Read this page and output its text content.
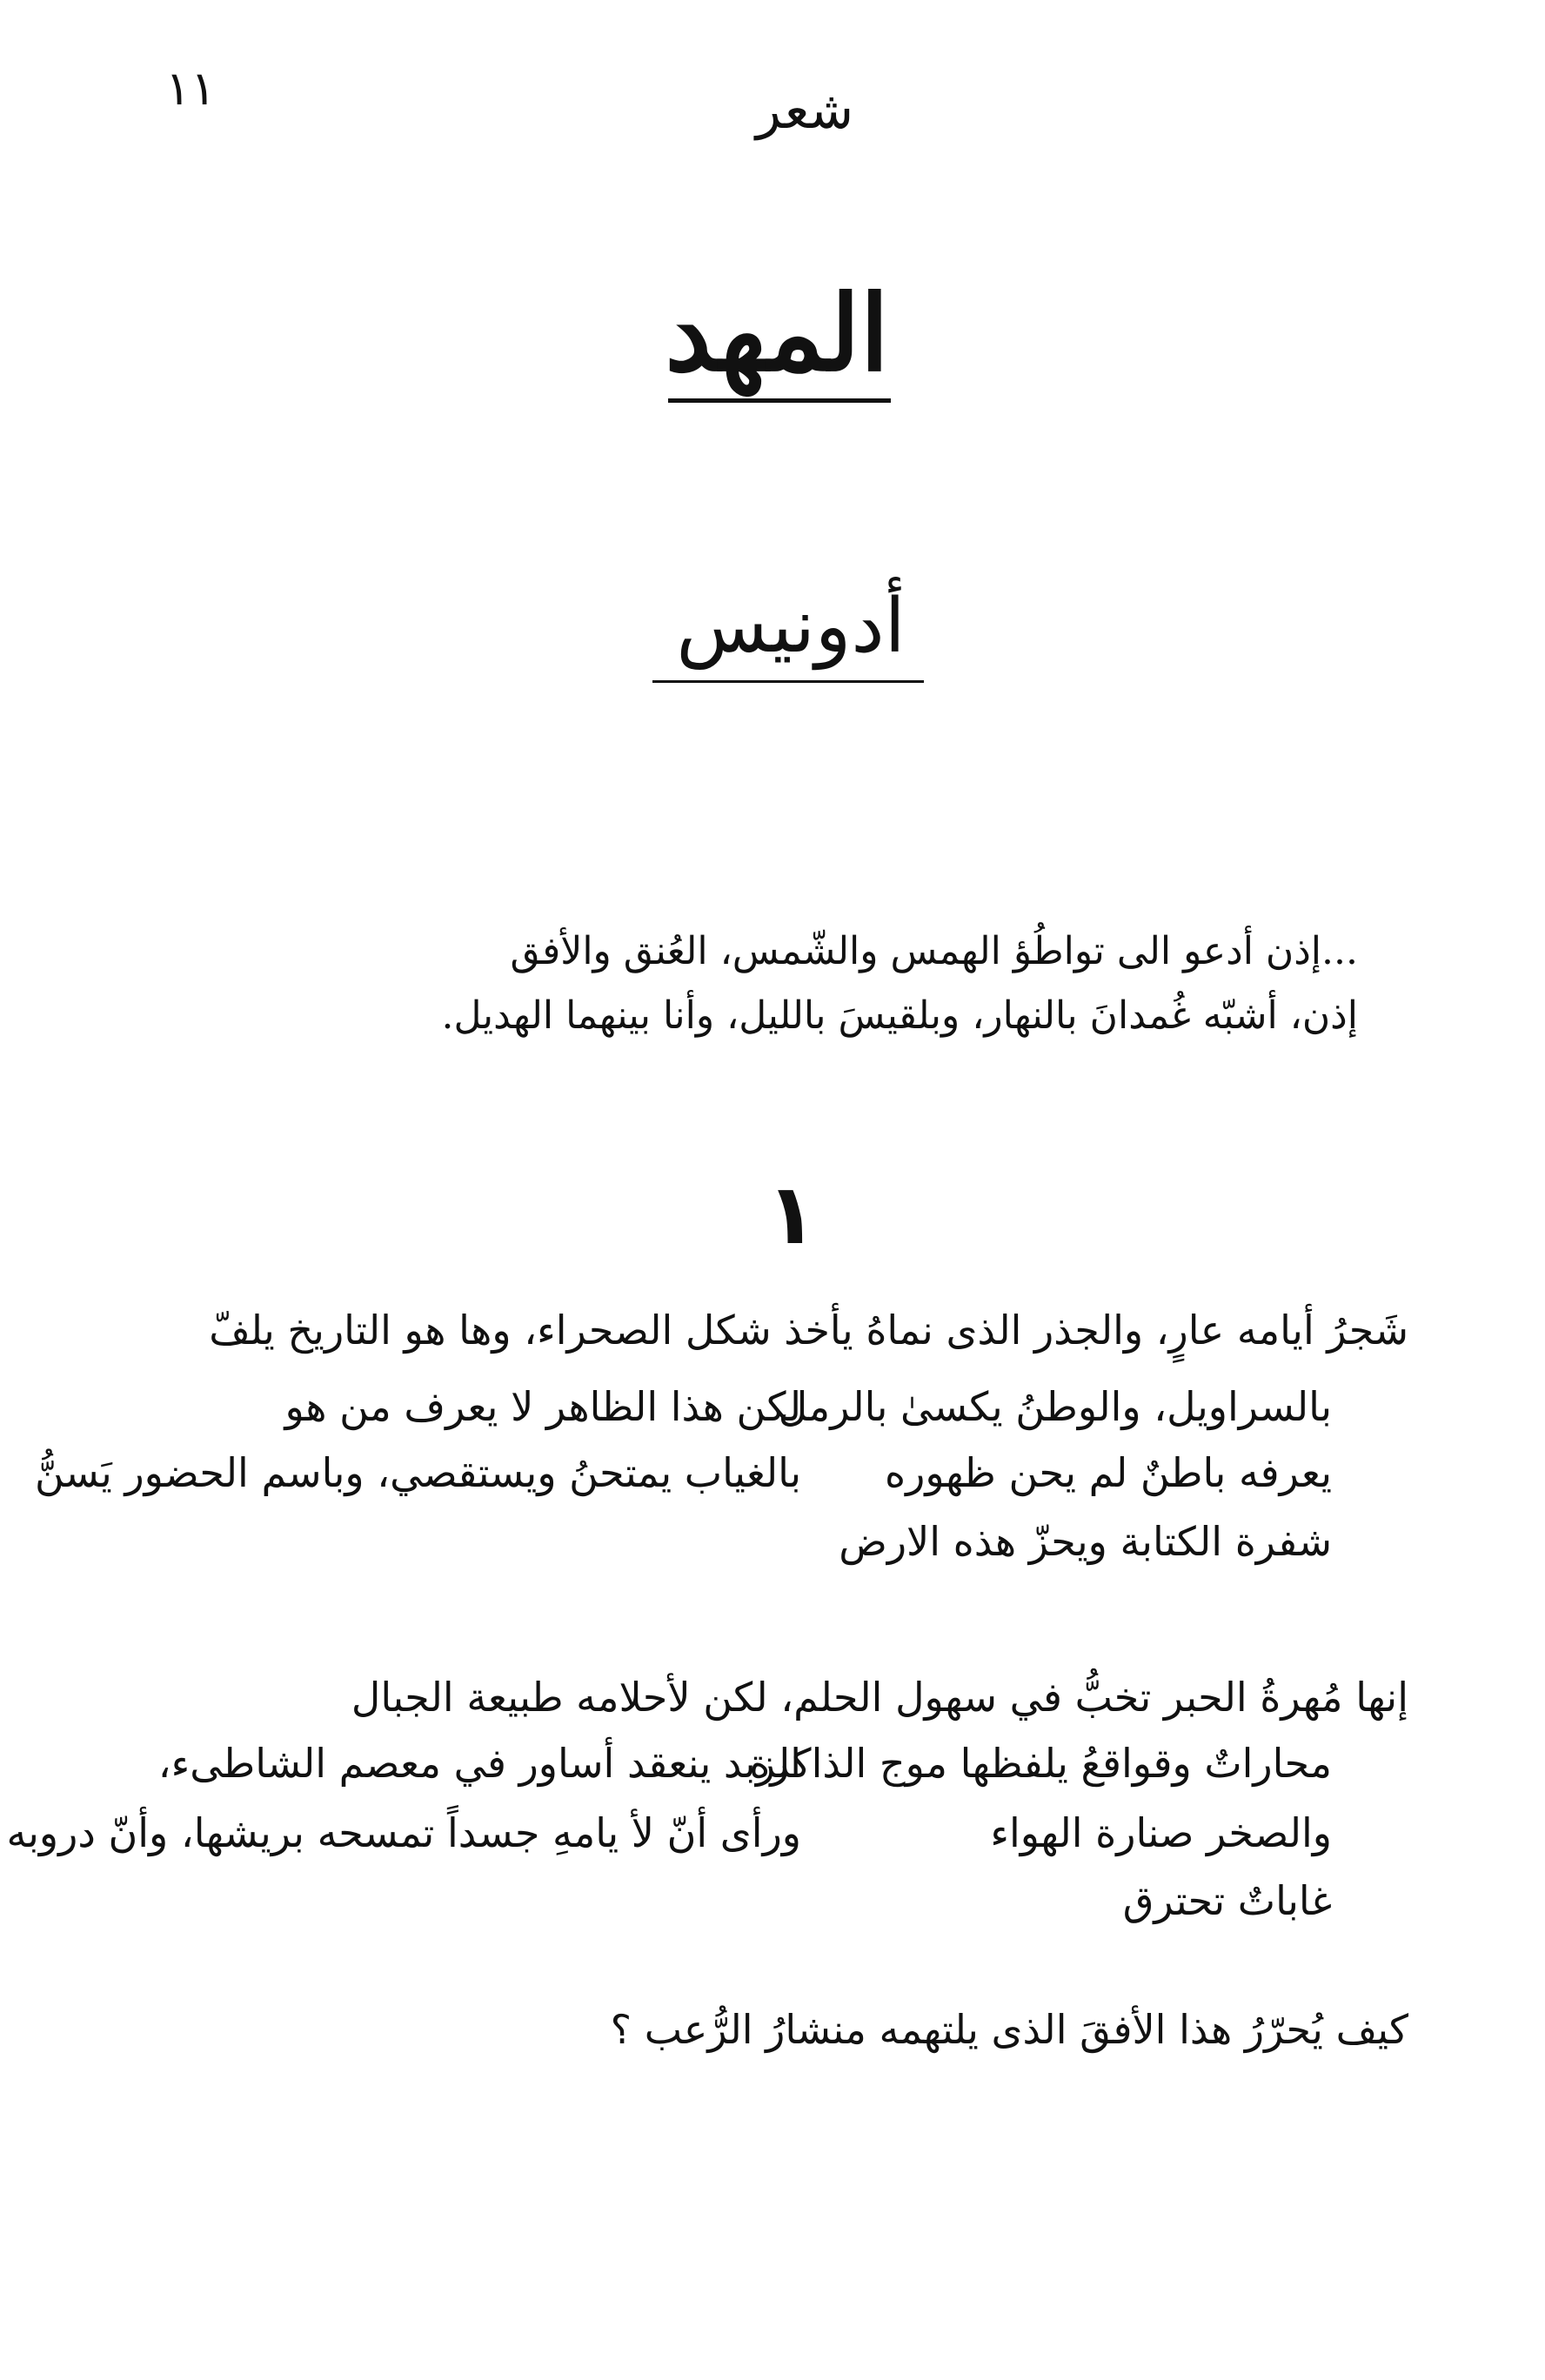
١١	شعر
المهد
أدونيس
...إذن أدعو الى تواطُؤ الهمس والشّمس، العُنق والأفق
إذن، أشبّه غُمدانَ بالنهار، وبلقيسَ بالليل، وأنا بينهما الهديل.
١
شَجرُ أيامه عارٍ، والجذر الذى نماهُ يأخذ شكل الصحراء، وها هو التاريخ يلفّ
بالسراويل، والوطنُ يكسىٰ بالرمل
لكن هذا الظاهر لا يعرف من هو
يعرفه باطنٌ لم يحن ظهوره
بالغياب يمتحنُ ويستقصي، وباسم الحضور يَسنُّ
شفرة الكتابة ويحزّ هذه الارض
إنها مُهرةُ الحبر تخبُّ في سهول الحلم، لكن لأحلامه طبيعة الجبال
محاراتٌ وقواقعُ يلفظها موج الذاكرة
الزبد ينعقد أساور في معصم الشاطىء،
والصخر صنارة الهواء
ورأى أنّ لأ يامهِ جسداً تمسحه بريشها، وأنّ دروبه
غاباتٌ تحترق
كيف يُحرّرُ هذا الأفقَ الذى يلتهمه منشارُ الرُّعب ؟
